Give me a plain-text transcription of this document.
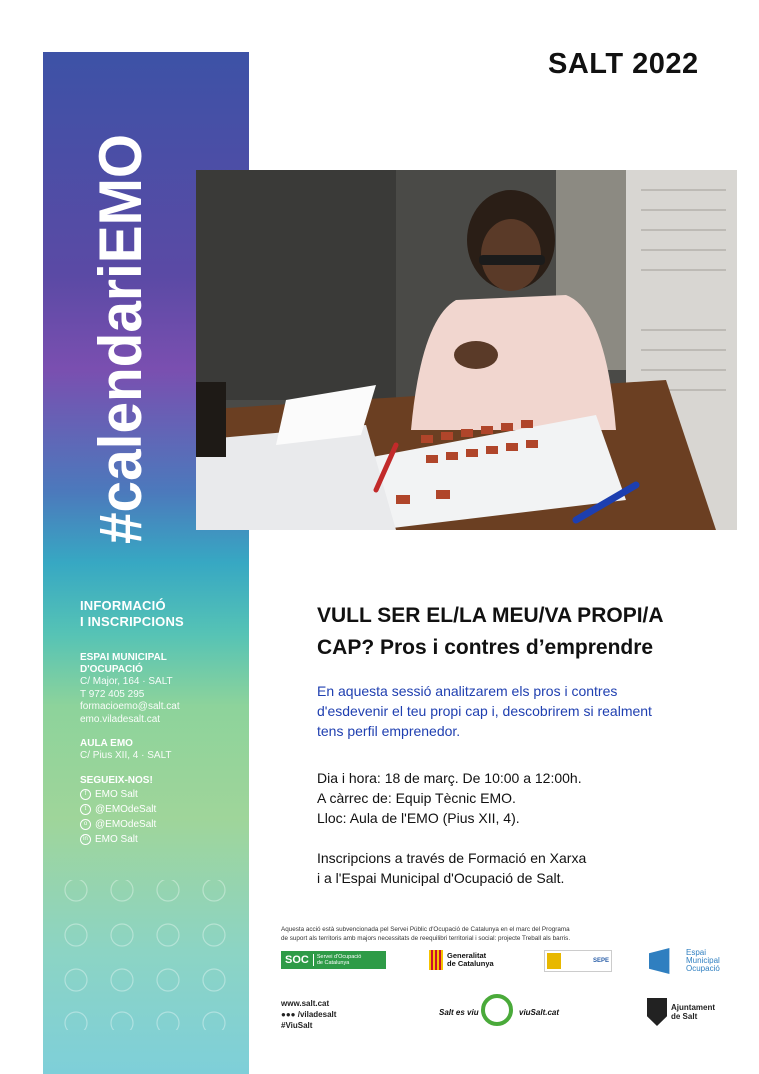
#calendariEMO
INFORMACIÓ
I INSCRIPCIONS
ESPAI MUNICIPAL
D'OCUPACIÓ
C/ Major, 164 · SALT
T 972 405 295
formacioemo@salt.cat
emo.viladesalt.cat
AULA EMO
C/ Pius XII, 4 · SALT
SEGUEIX-NOS!
f EMO Salt
t @EMOdeSalt
o @EMOdeSalt
in EMO Salt
SALT 2022
VULL SER EL/LA MEU/VA PROPI/A
CAP? Pros i contres d’emprendre
En aquesta sessió analitzarem els pros i contres
d'esdevenir el teu propi cap i, descobrirem si realment
tens perfil emprenedor.
Dia i hora: 18 de març. De 10:00 a 12:00h.
A càrrec de: Equip Tècnic EMO.
Lloc: Aula de l'EMO (Pius XII, 4).
Inscripcions a través de Formació en Xarxa
i a l'Espai Municipal d'Ocupació de Salt.
Aquesta acció està subvencionada pel Servei Públic d'Ocupació de Catalunya en el marc del Programa
de suport als territoris amb majors necessitats de reequilibri territorial i social: projecte Treball als barris.
SOC	Servei d'Ocupació
de Catalunya
Generalitat
de Catalunya	SEPE
Espai
Municipal
Ocupació
www.salt.cat
●●● /viladesalt
#ViuSalt
Salt es viu	viuSalt.cat
Ajuntament
de Salt
